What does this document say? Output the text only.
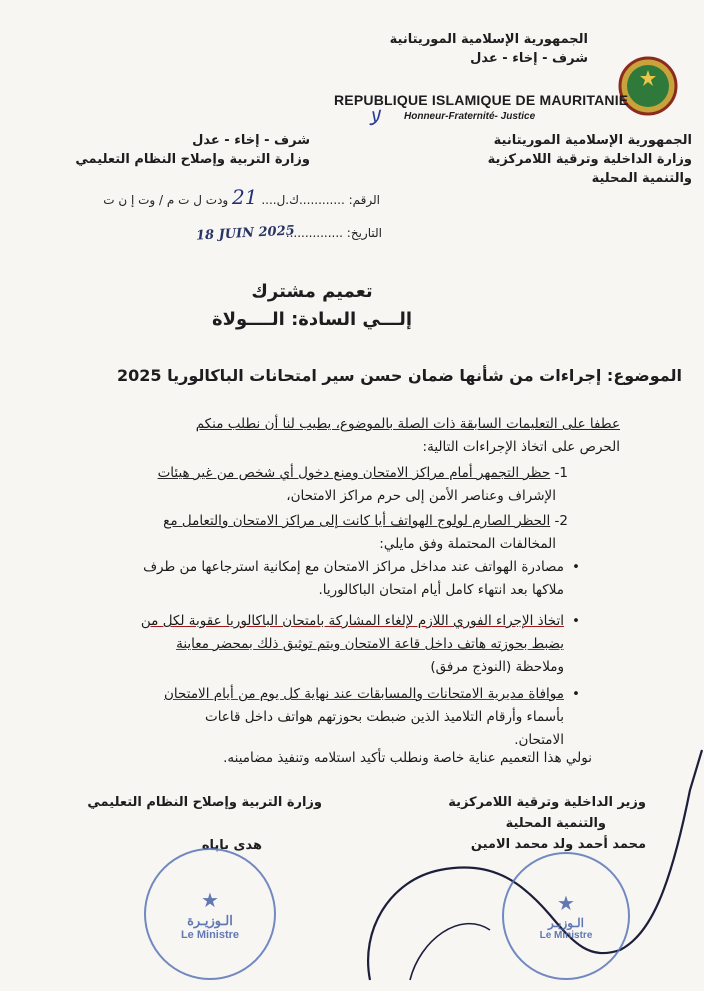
الجمهورية الإسلامية الموريتانية
شرف - إخاء - عدل
REPUBLIQUE ISLAMIQUE DE MAURITANIE
ﻻ Honneur-Fraternité- Justice
الجمهورية الإسلامية الموريتانية
وزارة الداخلية وترقية اللامركزية
والتنمية المحلية
شرف - إخاء - عدل
وزارة التربية وإصلاح النظام التعليمي
الرقم: ............ك.ل.... 21 ودت ل ت م / وت إ ن ت
التاريخ: ...............
18 JUIN 2025
تعميم مشترك
إلـــي السادة: الــــولاة
الموضوع: إجراءات من شأنها ضمان حسن سير امتحانات الباكالوريا 2025
عطفا على التعليمات السابقة ذات الصلة بالموضوع، يطيب لنا أن نطلب منكم
الحرص على اتخاذ الإجراءات التالية:
1- حظر التجمهر أمام مراكز الامتحان ومنع دخول أي شخص من غير هيئات
الإشراف وعناصر الأمن إلى حرم مراكز الامتحان،
2- الحظر الصارم لولوج الهواتف أيا كانت إلى مراكز الامتحان والتعامل مع
المخالفات المحتملة وفق مايلي:
•
مصادرة الهواتف عند مداخل مراكز الامتحان مع إمكانية استرجاعها من طرف
ملاكها بعد انتهاء كامل أيام امتحان الباكالوريا.
•
اتخاذ الإجراء الفوري اللازم لإلغاء المشاركة بامتحان الباكالوريا عقوبة لكل من
يضبط بحوزته هاتف داخل قاعة الامتحان ويتم توثيق ذلك بمحضر معاينة
وملاحظة (النوذج مرفق)
•
موافاة مديرية الامتحانات والمسابقات عند نهاية كل يوم من أيام الامتحان
بأسماء وأرقام التلاميذ الذين ضبطت بحوزتهم هواتف داخل قاعات
الامتحان.
نولي هذا التعميم عناية خاصة ونطلب تأكيد استلامه وتنفيذ مضامينه.
وزير الداخلية وترقية اللامركزية
والتنمية المحلية
محمد أحمد ولد محمد الامين
وزارة التربية وإصلاح النظام التعليمي
هدى باباه
★
الـوزيـرة
Le Ministre
★
الـوزيـر
Le Ministre
